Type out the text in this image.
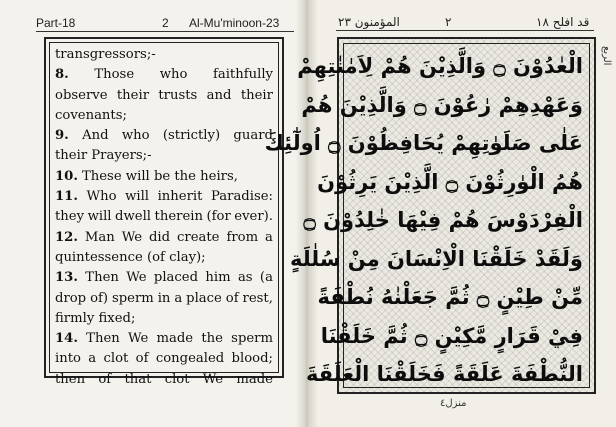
Part-18	2 Al-Mu'minoon-23
transgressors;-
8. Those who faithfully
observe their trusts and their
covenants;
9. And who (strictly) guard
their Prayers;-
10. These will be the heirs,
11. Who will inherit Paradise:
they will dwell therein (for ever).
12. Man We did create from a
quintessence (of clay);
13. Then We placed him as (a
drop of) sperm in a place of rest,
firmly fixed;
14. Then We made the sperm
into a clot of congealed blood;
then of that clot We made
المؤمنون ٢٣	٢	قد افلح ١٨
الْعٰدُوْنَ ۝ وَالَّذِيْنَ هُمْ لِاَمٰنٰتِهِمْ
وَعَهْدِهِمْ رٰعُوْنَ ۝ وَالَّذِيْنَ هُمْ
عَلٰى صَلَوٰتِهِمْ يُحَافِظُوْنَ ۝ اُولٰٓئِكَ
هُمُ الْوٰرِثُوْنَ ۝ الَّذِيْنَ يَرِثُوْنَ
الْفِرْدَوْسَ هُمْ فِيْهَا خٰلِدُوْنَ ۝
وَلَقَدْ خَلَقْنَا الْاِنْسَانَ مِنْ سُلٰلَةٍ
مِّنْ طِيْنٍ ۝ ثُمَّ جَعَلْنٰهُ نُطْفَةً
فِيْ قَرَارٍ مَّكِيْنٍ ۝ ثُمَّ خَلَقْنَا
النُّطْفَةَ عَلَقَةً فَخَلَقْنَا الْعَلَقَةَ
الربع
منزل٤
